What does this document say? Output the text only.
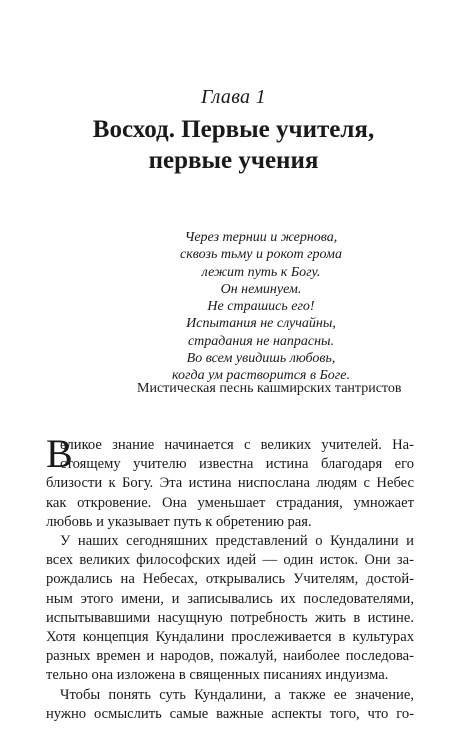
Глава 1
Восход. Первые учителя,
первые учения
Через тернии и жернова,
сквозь тьму и рокот грома
лежит путь к Богу.
Он неминуем.
Не страшись его!
Испытания не случайны,
страдания не напрасны.
Во всем увидишь любовь,
когда ум растворится в Боге.
Мистическая песнь кашмирских тантристов
В
еликое знание начинается с великих учителей. На-
стоящему учителю известна истина благодаря его
близости к Богу. Эта истина ниспослана людям с Небес
как откровение. Она уменьшает страдания, умножает
любовь и указывает путь к обретению рая.
У наших сегодняшних представлений о Кундалини и
всех великих философских идей — один исток. Они за-
рождались на Небесах, открывались Учителям, достой-
ным этого имени, и записывались их последователями,
испытывавшими насущную потребность жить в истине.
Хотя концепция Кундалини прослеживается в культурах
разных времен и народов, пожалуй, наиболее последова-
тельно она изложена в священных писаниях индуизма.
Чтобы понять суть Кундалини, а также ее значение,
нужно осмыслить самые важные аспекты того, что го-
